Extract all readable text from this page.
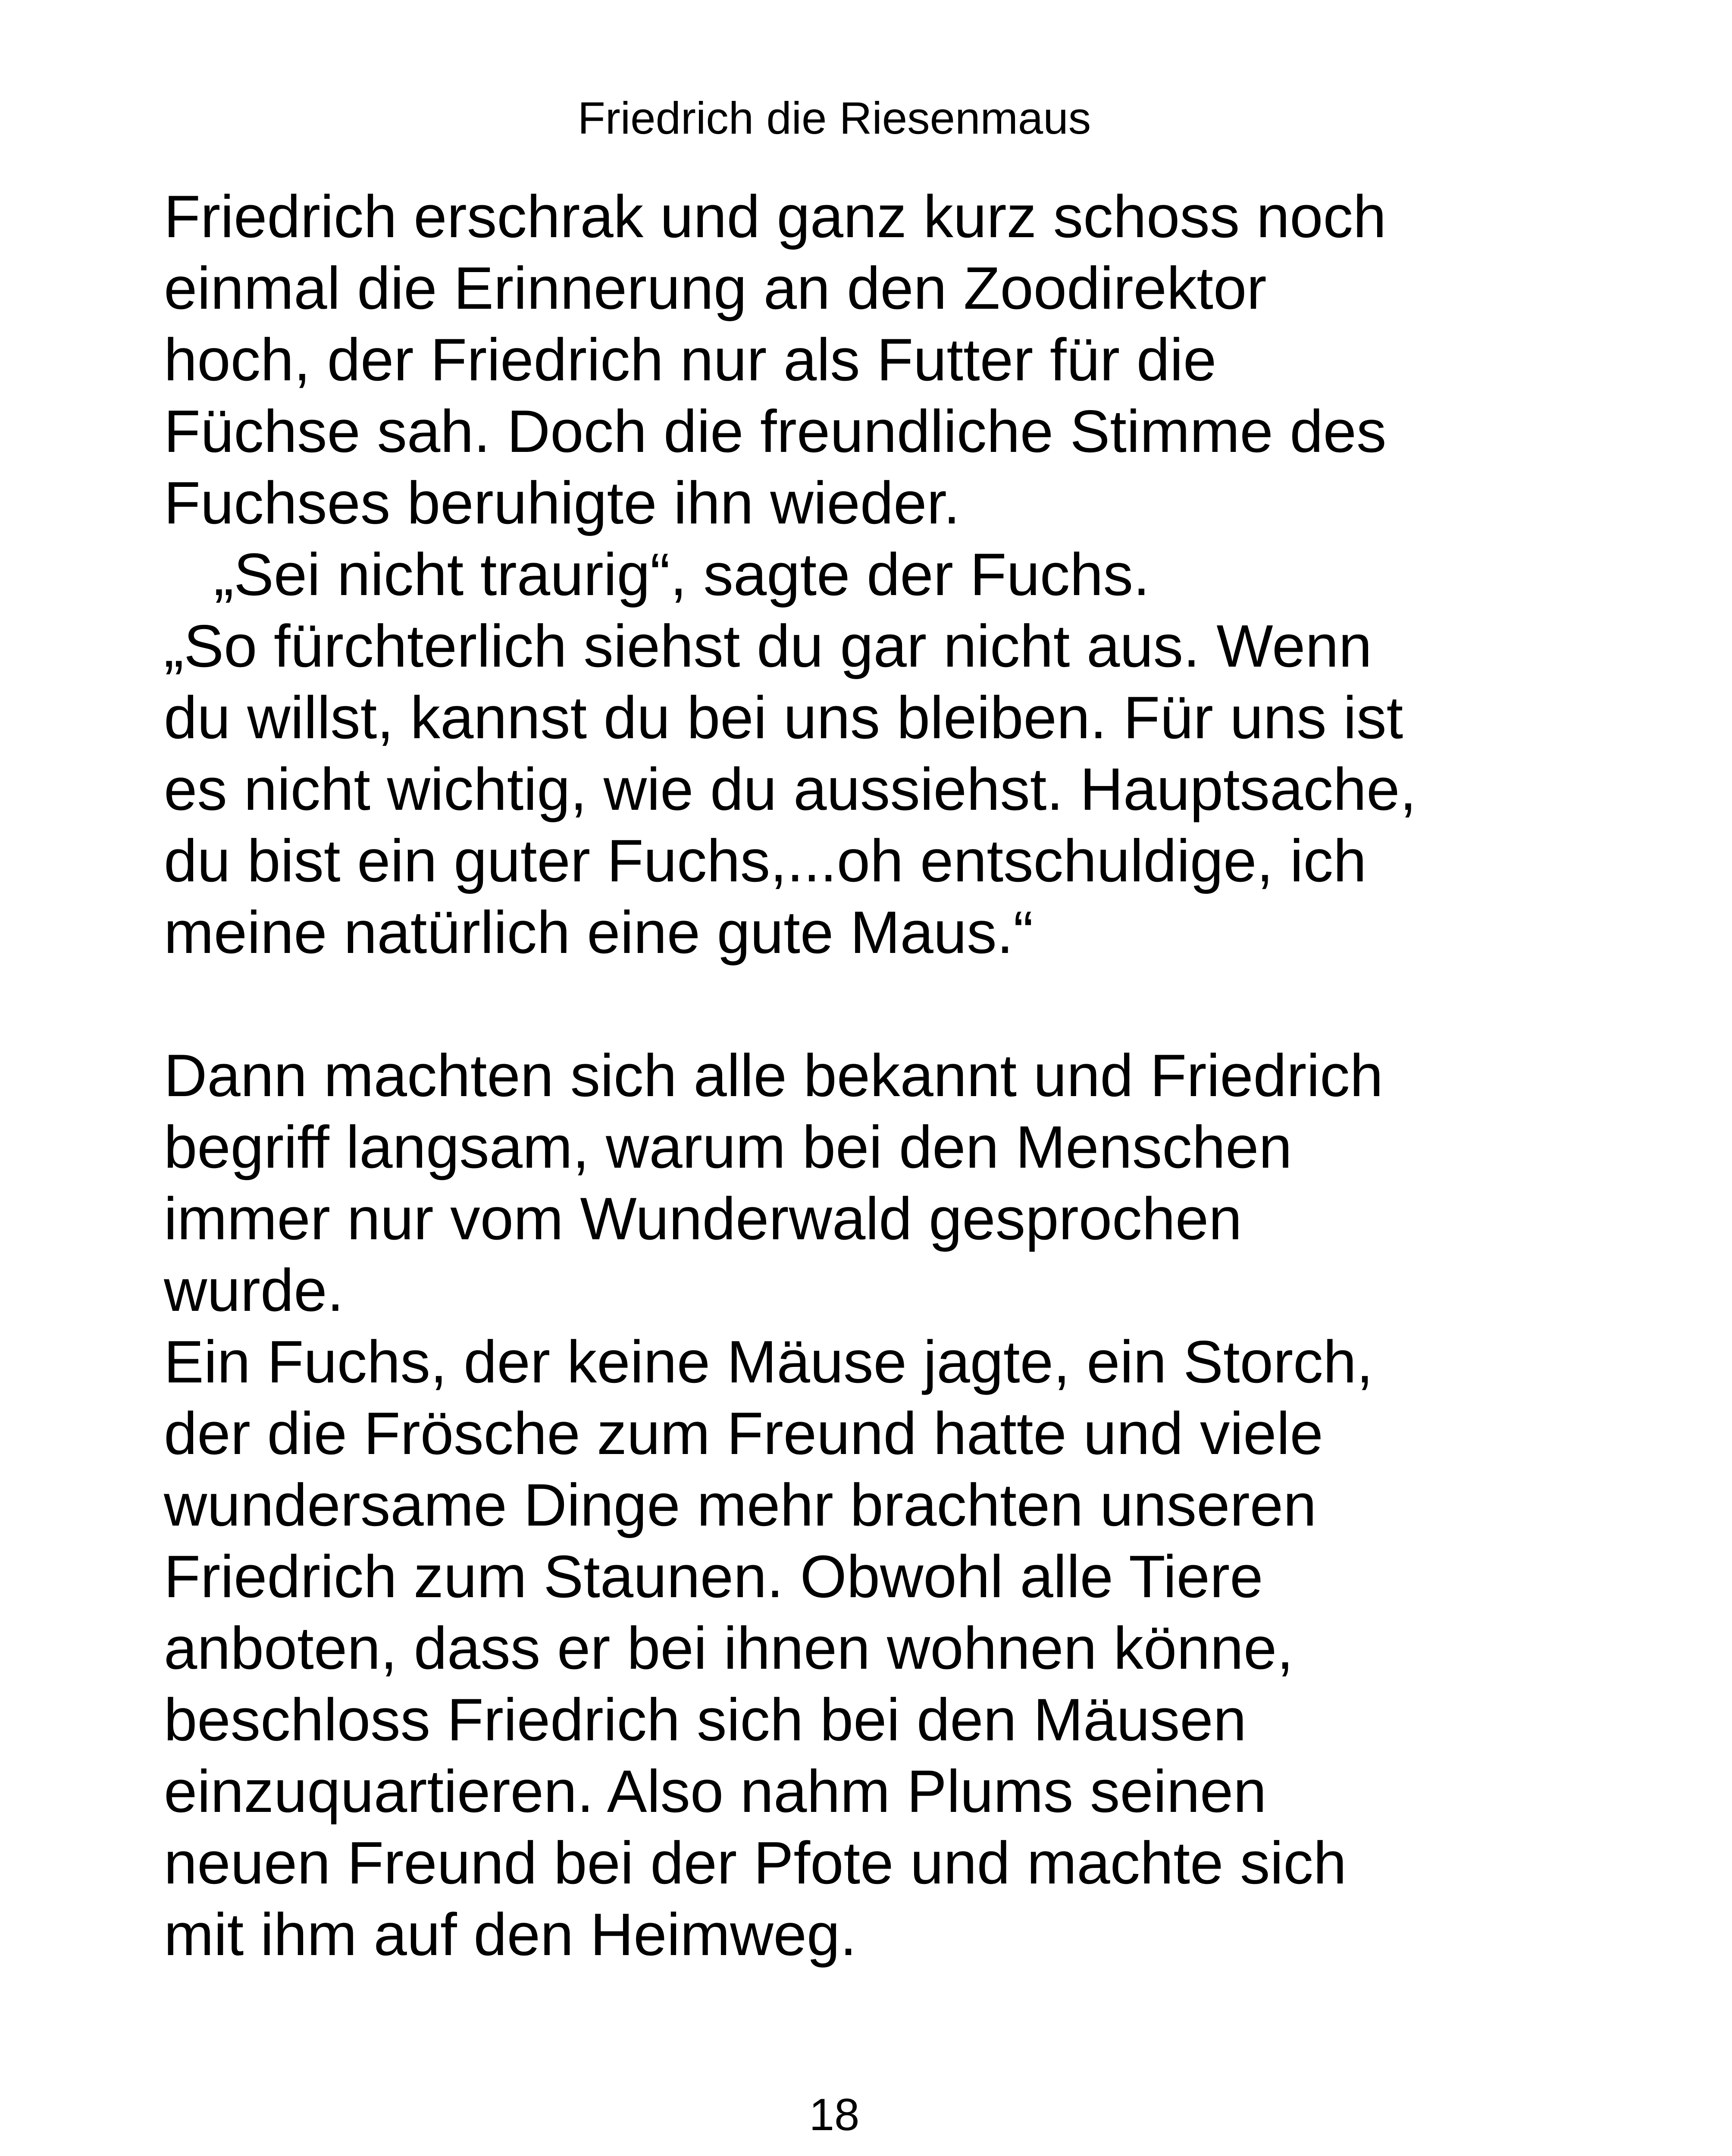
Friedrich die Riesenmaus
Friedrich erschrak und ganz kurz schoss noch
einmal die Erinnerung an den Zoodirektor
hoch, der Friedrich nur als Futter für die
Füchse sah. Doch die freundliche Stimme des
Fuchses beruhigte ihn wieder.
„Sei nicht traurig“, sagte der Fuchs.
„So fürchterlich siehst du gar nicht aus. Wenn
du willst, kannst du bei uns bleiben. Für uns ist
es nicht wichtig, wie du aussiehst. Hauptsache,
du bist ein guter Fuchs,...oh entschuldige, ich
meine natürlich eine gute Maus.“
Dann machten sich alle bekannt und Friedrich
begriff langsam, warum bei den Menschen
immer nur vom Wunderwald gesprochen
wurde.
Ein Fuchs, der keine Mäuse jagte, ein Storch,
der die Frösche zum Freund hatte und viele
wundersame Dinge mehr brachten unseren
Friedrich zum Staunen. Obwohl alle Tiere
anboten, dass er bei ihnen wohnen könne,
beschloss Friedrich sich bei den Mäusen
einzuquartieren. Also nahm Plums seinen
neuen Freund bei der Pfote und machte sich
mit ihm auf den Heimweg.
18
